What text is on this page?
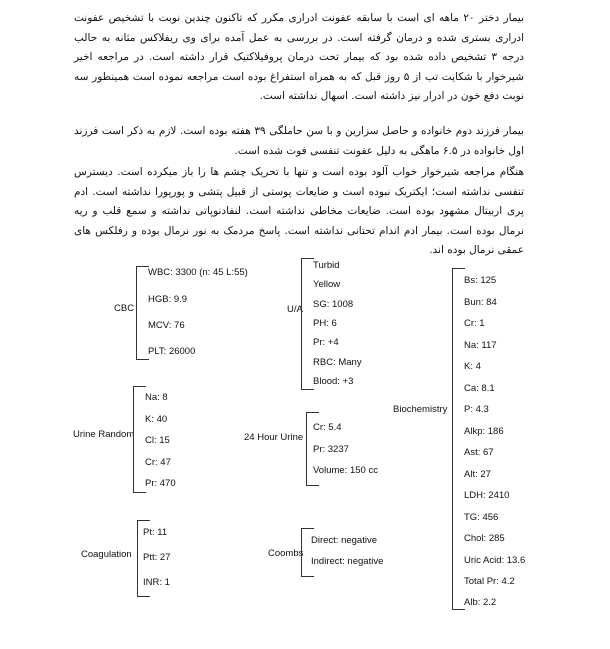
بیمار دختر ۲۰ ماهه ای است با سابقه عفونت ادراری مکرر که تاکنون چندین نوبت با تشخیص عفونت ادراری بستری شده و درمان گرفته است. در بررسی به عمل آمده برای وی ریفلاکس مثانه به حالب درجه ۳ تشخیص داده شده بود که بیمار تحت درمان پروفیلاکتیک قرار داشته است. در مراجعه اخیر شیرخوار با شکایت تب از ۵ روز قبل که به همراه استفراغ بوده است مراجعه نموده است همینطور سه نوبت دفع خون در ادرار نیز داشته است. اسهال نداشته است.

بیمار فرزند دوم خانواده و حاصل سزارین و با سن حاملگی ۳۹ هفته بوده است. لازم به ذکر است فرزند اول خانواده در ۶.۵ ماهگی به دلیل عفونت تنفسی فوت شده است.

هنگام مراجعه شیرخوار خواب آلود بوده است و تنها با تحریک چشم ها را باز میکرده است. دیسترس تنفسی نداشته است؛ ایکتریک نبوده است و ضایعات پوستی از قبیل پتشی و پورپورا نداشته است. ادم پری اربیتال مشهود بوده است. ضایعات مخاطی نداشته است. لنفادنوپاتی نداشته و سمع قلب و ریه نرمال بوده است. بیمار ادم اندام تحتانی نداشته است. پاسخ مردمک به نور نرمال بوده و رفلکس های عمقی نرمال بوده اند.

CBC
WBC: 3300 (n: 45 L:55)
HGB: 9.9
MCV: 76
PLT: 26000
U/A
Turbid
Yellow
SG: 1008
PH: 6
Pr: +4
RBC: Many
Blood: +3
Urine Random
Na: 8
K: 40
Cl: 15
Cr: 47
Pr: 470
24 Hour Urine
Cr: 5.4
Pr: 3237
Volume: 150 cc
Coagulation
Pt: 11
Ptt: 27
INR: 1
Coombs
Direct: negative
Indirect: negative
Biochemistry
Bs: 125
Bun: 84
Cr: 1
Na: 117
K: 4
Ca: 8.1
P: 4.3
Alkp: 186
Ast: 67
Alt: 27
LDH: 2410
TG: 456
Chol: 285
Uric Acid: 13.6
Total Pr: 4.2
Alb: 2.2
